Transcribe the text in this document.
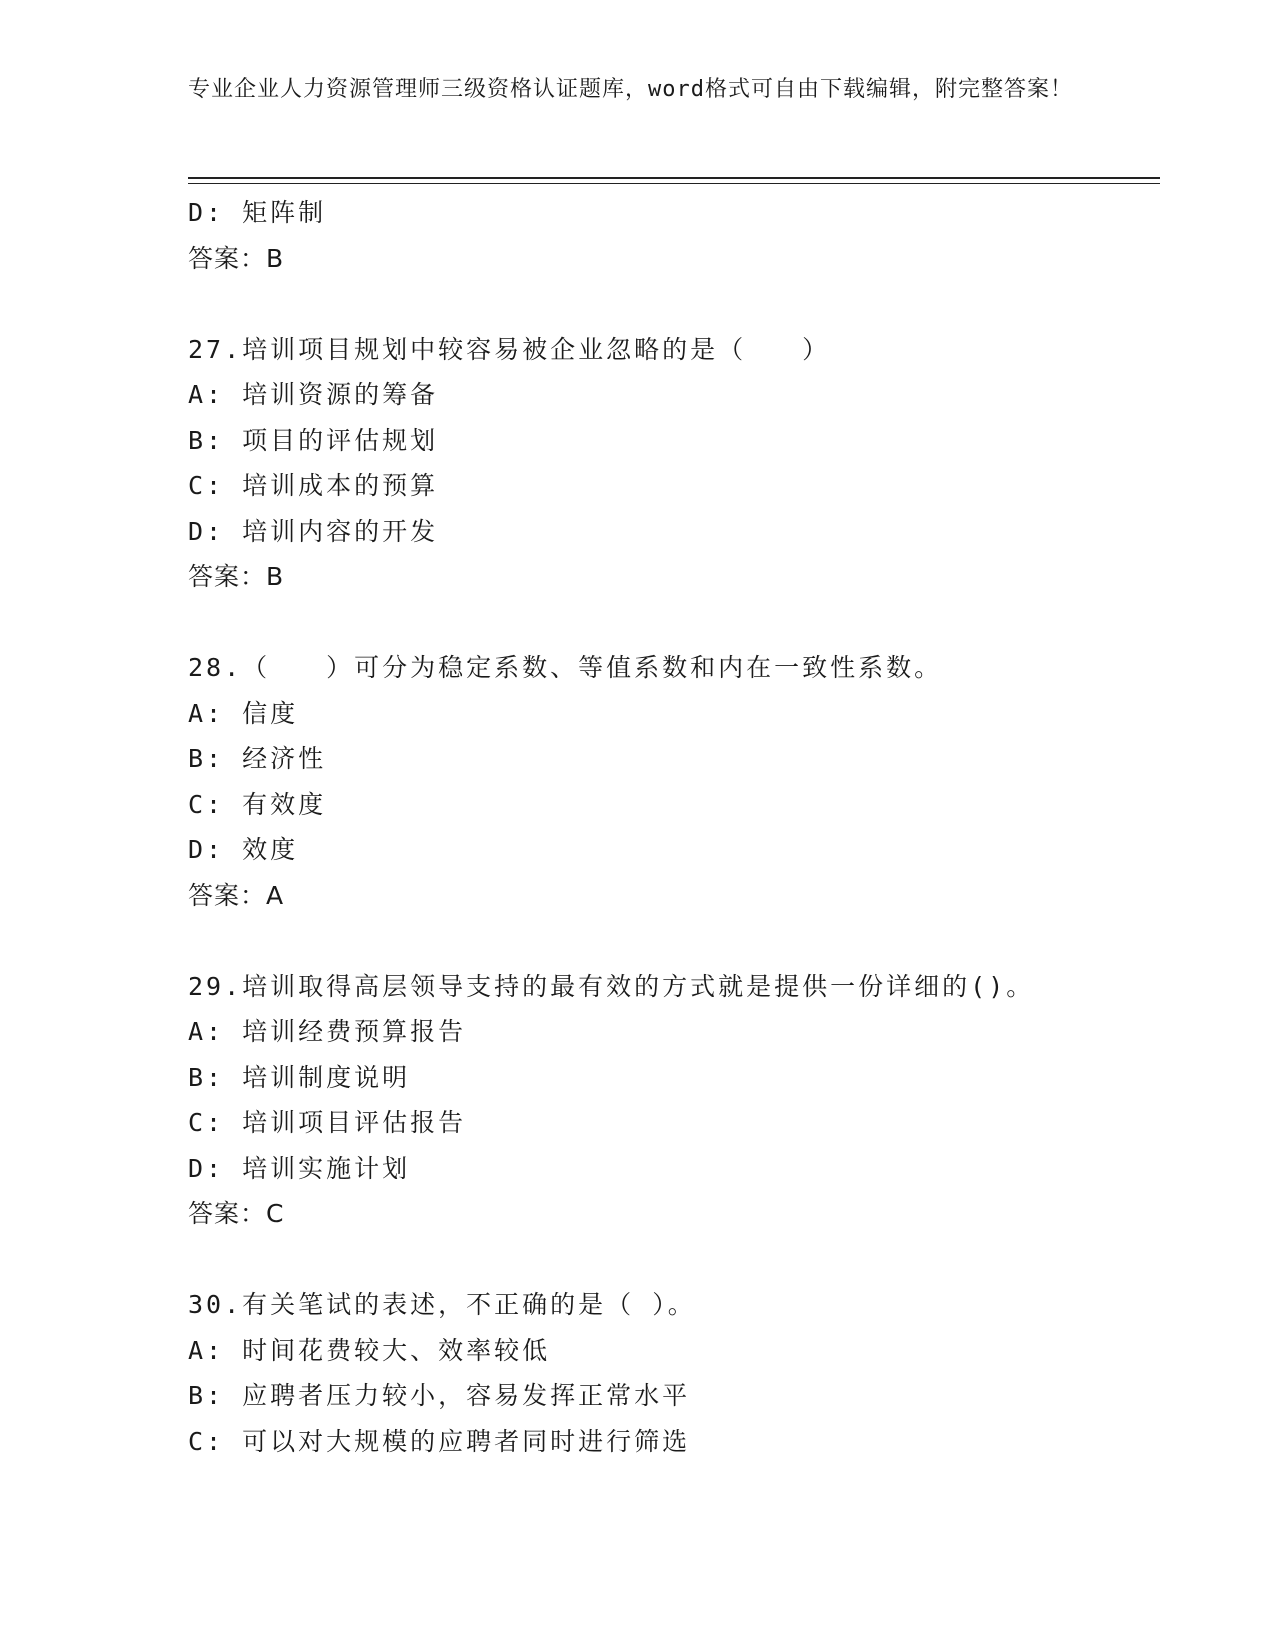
专业企业人力资源管理师三级资格认证题库，word格式可自由下载编辑，附完整答案！
D: 矩阵制
答案：B
27.培训项目规划中较容易被企业忽略的是（　　）
A: 培训资源的筹备
B: 项目的评估规划
C: 培训成本的预算
D: 培训内容的开发
答案：B
28.（　　）可分为稳定系数、等值系数和内在一致性系数。
A: 信度
B: 经济性
C: 有效度
D: 效度
答案：A
29.培训取得高层领导支持的最有效的方式就是提供一份详细的()。
A: 培训经费预算报告
B: 培训制度说明
C: 培训项目评估报告
D: 培训实施计划
答案：C
30.有关笔试的表述，不正确的是（ ）。
A: 时间花费较大、效率较低
B: 应聘者压力较小，容易发挥正常水平
C: 可以对大规模的应聘者同时进行筛选
